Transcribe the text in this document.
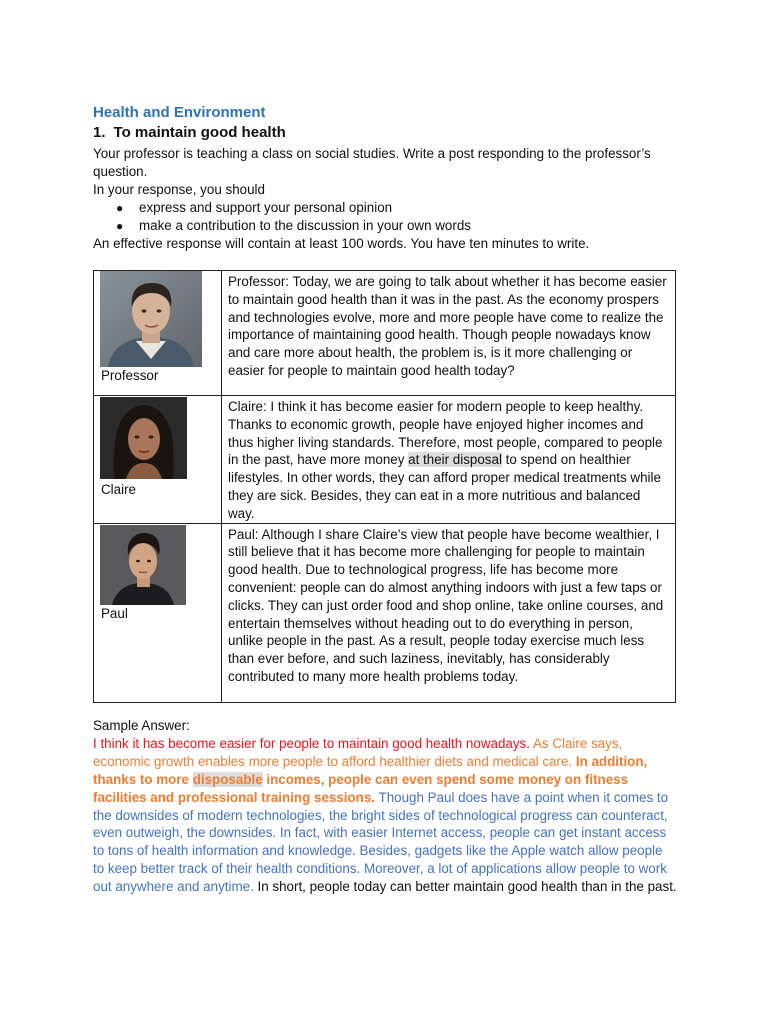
Health and Environment
1. To maintain good health

Your professor is teaching a class on social studies. Write a post responding to the professor’s question.

In your response, you should

● express and support your personal opinion
● make a contribution to the discussion in your own words

An effective response will contain at least 100 words. You have ten minutes to write.

Professor	Professor: Today, we are going to talk about whether it has become easier to maintain good health than it was in the past. As the economy prospers and technologies evolve, more and more people have come to realize the importance of maintaining good health. Though people nowadays know and care more about health, the problem is, is it more challenging or easier for people to maintain good health today?

Claire	Claire: I think it has become easier for modern people to keep healthy. Thanks to economic growth, people have enjoyed higher incomes and thus higher living standards. Therefore, most people, compared to people in the past, have more money at their disposal to spend on healthier lifestyles. In other words, they can afford proper medical treatments while they are sick. Besides, they can eat in a more nutritious and balanced way.

Paul	Paul: Although I share Claire’s view that people have become wealthier, I still believe that it has become more challenging for people to maintain good health. Due to technological progress, life has become more convenient: people can do almost anything indoors with just a few taps or clicks. They can just order food and shop online, take online courses, and entertain themselves without heading out to do everything in person, unlike people in the past. As a result, people today exercise much less than ever before, and such laziness, inevitably, has considerably contributed to many more health problems today.

Sample Answer:

I think it has become easier for people to maintain good health nowadays. As Claire says, economic growth enables more people to afford healthier diets and medical care. In addition, thanks to more disposable incomes, people can even spend some money on fitness facilities and professional training sessions. Though Paul does have a point when it comes to the downsides of modern technologies, the bright sides of technological progress can counteract, even outweigh, the downsides. In fact, with easier Internet access, people can get instant access to tons of health information and knowledge. Besides, gadgets like the Apple watch allow people to keep better track of their health conditions. Moreover, a lot of applications allow people to work out anywhere and anytime. In short, people today can better maintain good health than in the past.
